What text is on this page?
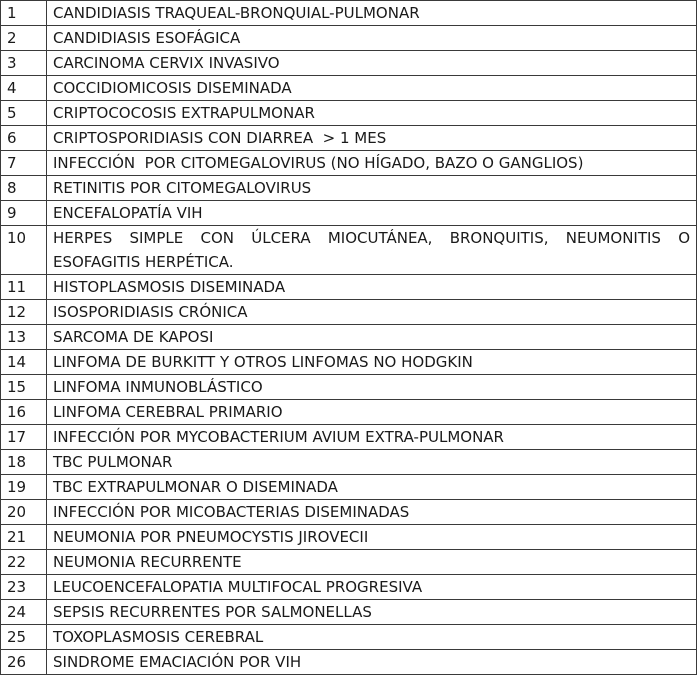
1	CANDIDIASIS TRAQUEAL-BRONQUIAL-PULMONAR
2	CANDIDIASIS ESOFÁGICA
3	CARCINOMA CERVIX INVASIVO
4	COCCIDIOMICOSIS DISEMINADA
5	CRIPTOCOCOSIS EXTRAPULMONAR
6	CRIPTOSPORIDIASIS CON DIARREA  > 1 MES
7	INFECCIÓN  POR CITOMEGALOVIRUS (NO HÍGADO, BAZO O GANGLIOS)
8	RETINITIS POR CITOMEGALOVIRUS
9	ENCEFALOPATÍA VIH
10	HERPES SIMPLE CON ÚLCERA MIOCUTÁNEA, BRONQUITIS, NEUMONITIS O ESOFAGITIS HERPÉTICA.
11	HISTOPLASMOSIS DISEMINADA
12	ISOSPORIDIASIS CRÓNICA
13	SARCOMA DE KAPOSI
14	LINFOMA DE BURKITT Y OTROS LINFOMAS NO HODGKIN
15	LINFOMA INMUNOBLÁSTICO
16	LINFOMA CEREBRAL PRIMARIO
17	INFECCIÓN POR MYCOBACTERIUM AVIUM EXTRA-PULMONAR
18	TBC PULMONAR
19	TBC EXTRAPULMONAR O DISEMINADA
20	INFECCIÓN POR MICOBACTERIAS DISEMINADAS
21	NEUMONIA POR PNEUMOCYSTIS JIROVECII
22	NEUMONIA RECURRENTE
23	LEUCOENCEFALOPATIA MULTIFOCAL PROGRESIVA
24	SEPSIS RECURRENTES POR SALMONELLAS
25	TOXOPLASMOSIS CEREBRAL
26	SINDROME EMACIACIÓN POR VIH
